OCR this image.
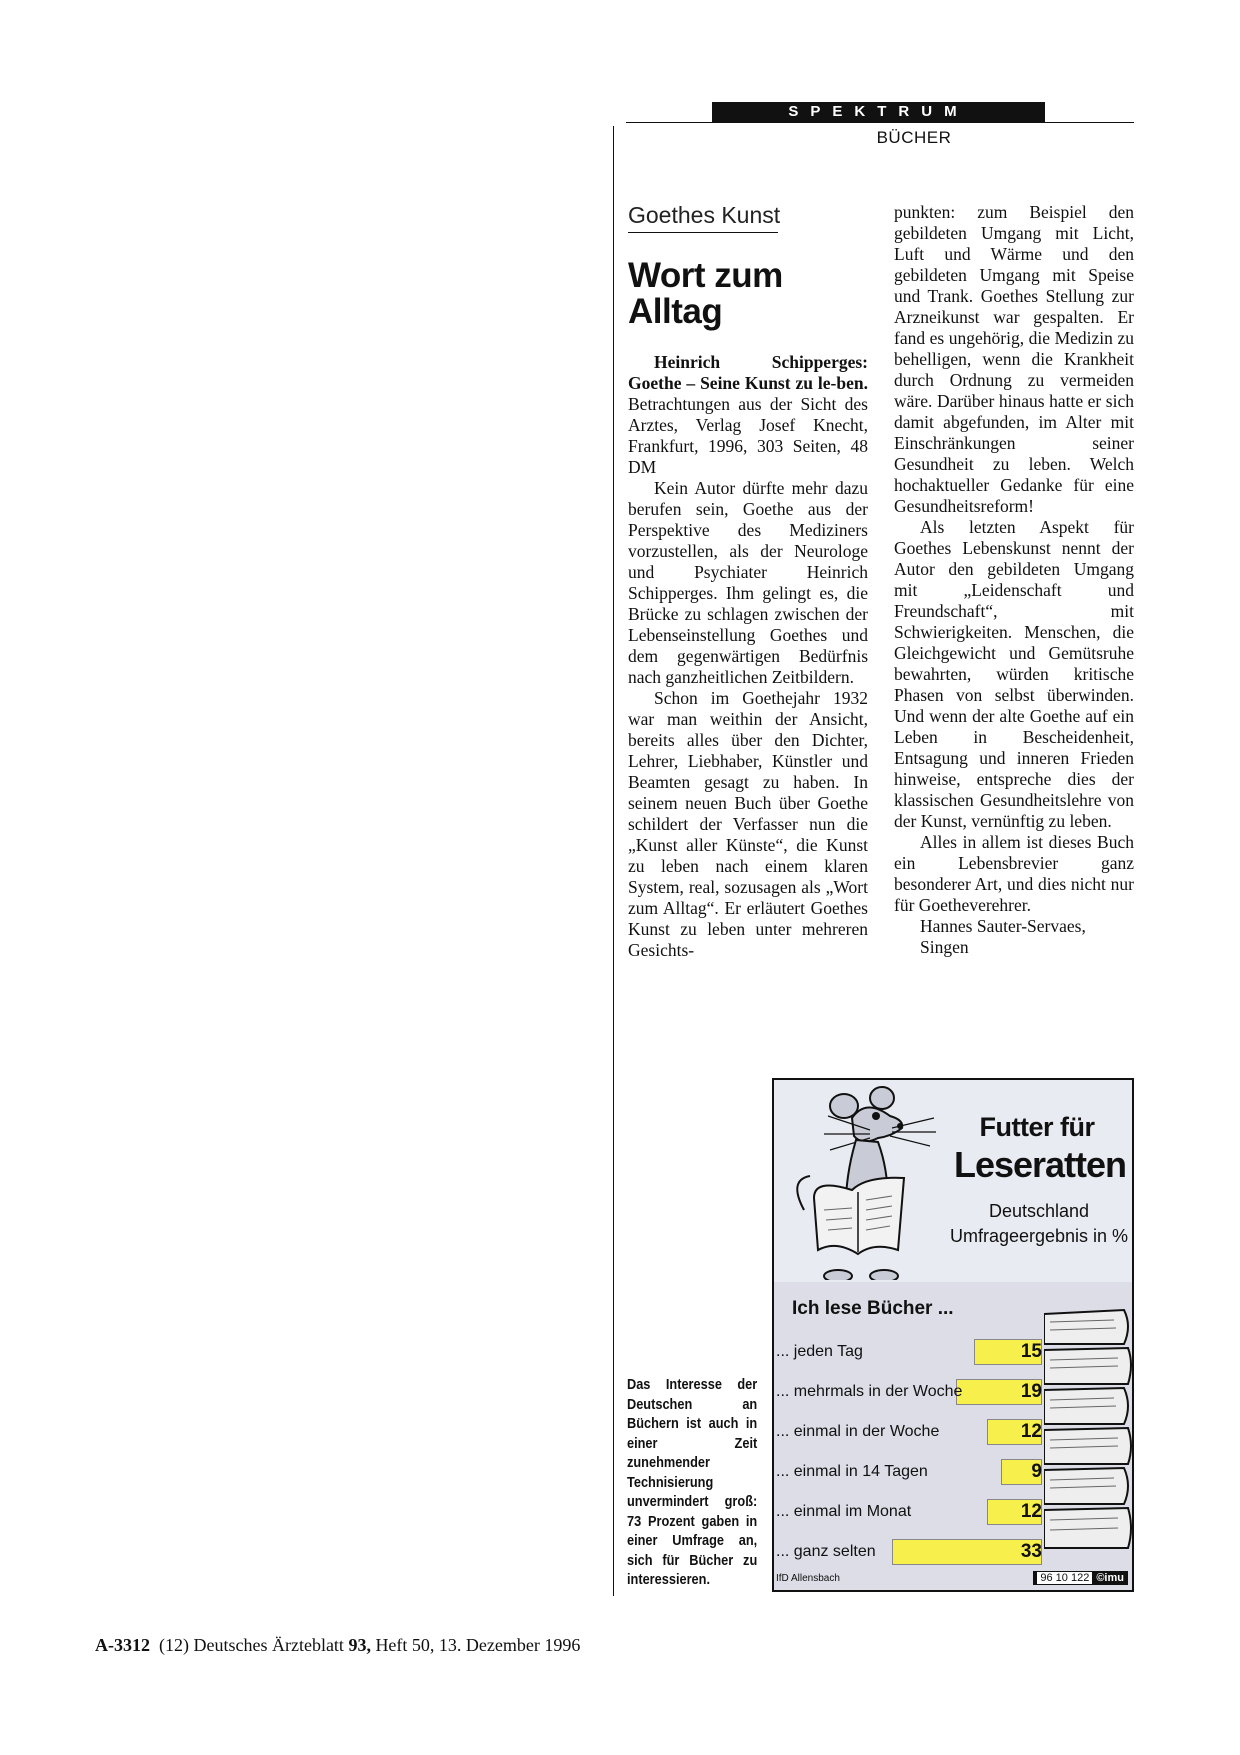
SPEKTRUM
BÜCHER
Goethes Kunst
Wort zum
Alltag

Heinrich Schipperges: Goethe – Seine Kunst zu le-ben. Betrachtungen aus der Sicht des Arztes, Verlag Josef Knecht, Frankfurt, 1996, 303 Seiten, 48 DM

Kein Autor dürfte mehr dazu berufen sein, Goethe aus der Perspektive des Mediziners vorzustellen, als der Neurologe und Psychiater Heinrich Schipperges. Ihm gelingt es, die Brücke zu schlagen zwischen der Lebenseinstellung Goethes und dem gegenwärtigen Bedürfnis nach ganzheitlichen Zeitbildern.

Schon im Goethejahr 1932 war man weithin der Ansicht, bereits alles über den Dichter, Lehrer, Liebhaber, Künstler und Beamten gesagt zu haben. In seinem neuen Buch über Goethe schildert der Verfasser nun die „Kunst aller Künste“, die Kunst zu leben nach einem klaren System, real, sozusagen als „Wort zum Alltag“. Er erläutert Goethes Kunst zu leben unter mehreren Gesichts-

punkten: zum Beispiel den gebildeten Umgang mit Licht, Luft und Wärme und den gebildeten Umgang mit Speise und Trank. Goethes Stellung zur Arzneikunst war gespalten. Er fand es ungehörig, die Medizin zu behelligen, wenn die Krankheit durch Ordnung zu vermeiden wäre. Darüber hinaus hatte er sich damit abgefunden, im Alter mit Einschränkungen seiner Gesundheit zu leben. Welch hochaktueller Gedanke für eine Gesundheitsreform!

Als letzten Aspekt für Goethes Lebenskunst nennt der Autor den gebildeten Umgang mit „Leidenschaft und Freundschaft“, mit Schwierigkeiten. Menschen, die Gleichgewicht und Gemütsruhe bewahrten, würden kritische Phasen von selbst überwinden. Und wenn der alte Goethe auf ein Leben in Bescheidenheit, Entsagung und inneren Frieden hinweise, entspreche dies der klassischen Gesundheitslehre von der Kunst, vernünftig zu leben.

Alles in allem ist dieses Buch ein Lebensbrevier ganz besonderer Art, und dies nicht nur für Goetheverehrer.

Hannes Sauter-Servaes,

Singen

Das Interesse der Deutschen an Büchern ist auch in einer Zeit zunehmender Technisierung unvermindert groß: 73 Prozent gaben in einer Umfrage an, sich für Bücher zu interessieren.
Futter für
Leseratten
Deutschland
Umfrageergebnis in %
Ich lese Bücher ...
... jeden Tag	15
... mehrmals in der Woche	19
... einmal in der Woche	12
... einmal in 14 Tagen	9
... einmal im Monat	12
... ganz selten	33
IfD Allensbach	96 10 122 ©imu
A-3312 (12) Deutsches Ärzteblatt 93, Heft 50, 13. Dezember 1996
